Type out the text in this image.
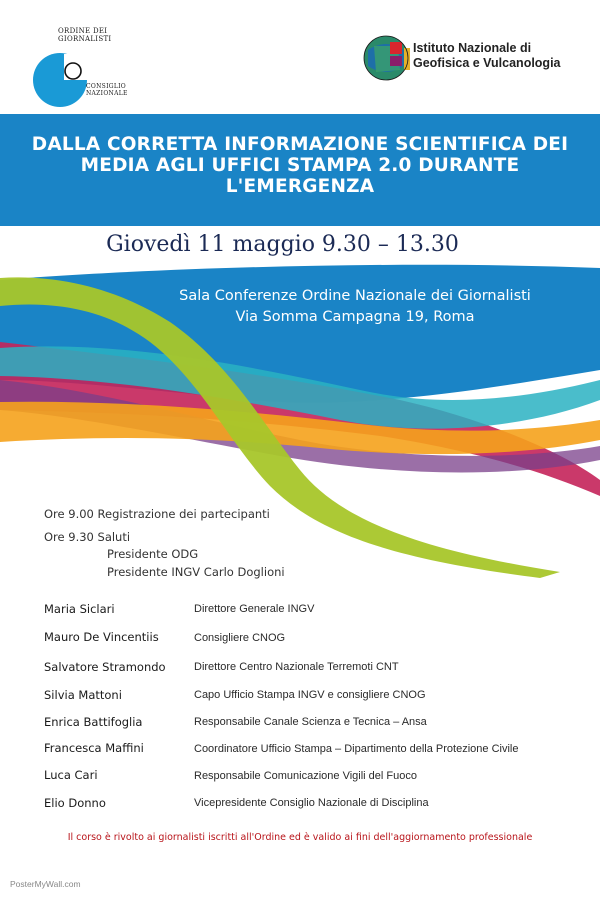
ORDINE DEI GIORNALISTI
CONSIGLIO NAZIONALE
Istituto Nazionale di
Geofisica e Vulcanologia
DALLA CORRETTA INFORMAZIONE SCIENTIFICA DEI
MEDIA AGLI UFFICI STAMPA 2.0 DURANTE
L'EMERGENZA
Giovedì 11 maggio 9.30 – 13.30
Sala Conferenze Ordine Nazionale dei Giornalisti
Via Somma Campagna 19, Roma
Ore 9.00 Registrazione dei partecipanti
Ore 9.30 Saluti
Presidente ODG
Presidente INGV Carlo Doglioni
Maria Siclari	Direttore Generale INGV
Mauro De Vincentiis	Consigliere CNOG
Salvatore Stramondo	Direttore Centro Nazionale Terremoti CNT
Silvia Mattoni	Capo Ufficio Stampa INGV e consigliere CNOG
Enrica Battifoglia	Responsabile Canale Scienza e Tecnica – Ansa
Francesca Maffini	Coordinatore Ufficio Stampa – Dipartimento della Protezione Civile
Luca Cari	Responsabile Comunicazione Vigili del Fuoco
Elio Donno	Vicepresidente Consiglio Nazionale di Disciplina
Il corso è rivolto ai giornalisti iscritti all'Ordine ed è valido ai fini dell'aggiornamento professionale
PosterMyWall.com
